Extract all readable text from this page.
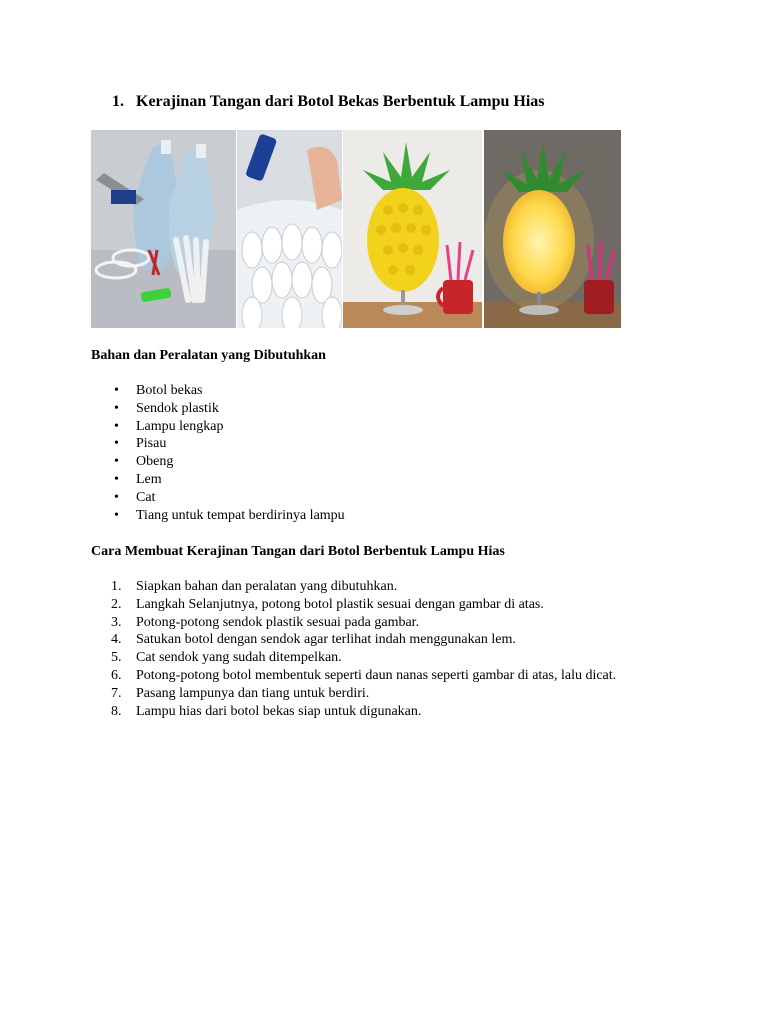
1. Kerajinan Tangan dari Botol Bekas Berbentuk Lampu Hias
Bahan dan Peralatan yang Dibutuhkan
• Botol bekas
• Sendok plastik
• Lampu lengkap
• Pisau
• Obeng
• Lem
• Cat
• Tiang untuk tempat berdirinya lampu
Cara Membuat Kerajinan Tangan dari Botol Berbentuk Lampu Hias
1. Siapkan bahan dan peralatan yang dibutuhkan.
2. Langkah Selanjutnya, potong botol plastik sesuai dengan gambar di atas.
3. Potong-potong sendok plastik sesuai pada gambar.
4. Satukan botol dengan sendok agar terlihat indah menggunakan lem.
5. Cat sendok yang sudah ditempelkan.
6. Potong-potong botol membentuk seperti daun nanas seperti gambar di atas, lalu dicat.
7. Pasang lampunya dan tiang untuk berdiri.
8. Lampu hias dari botol bekas siap untuk digunakan.
